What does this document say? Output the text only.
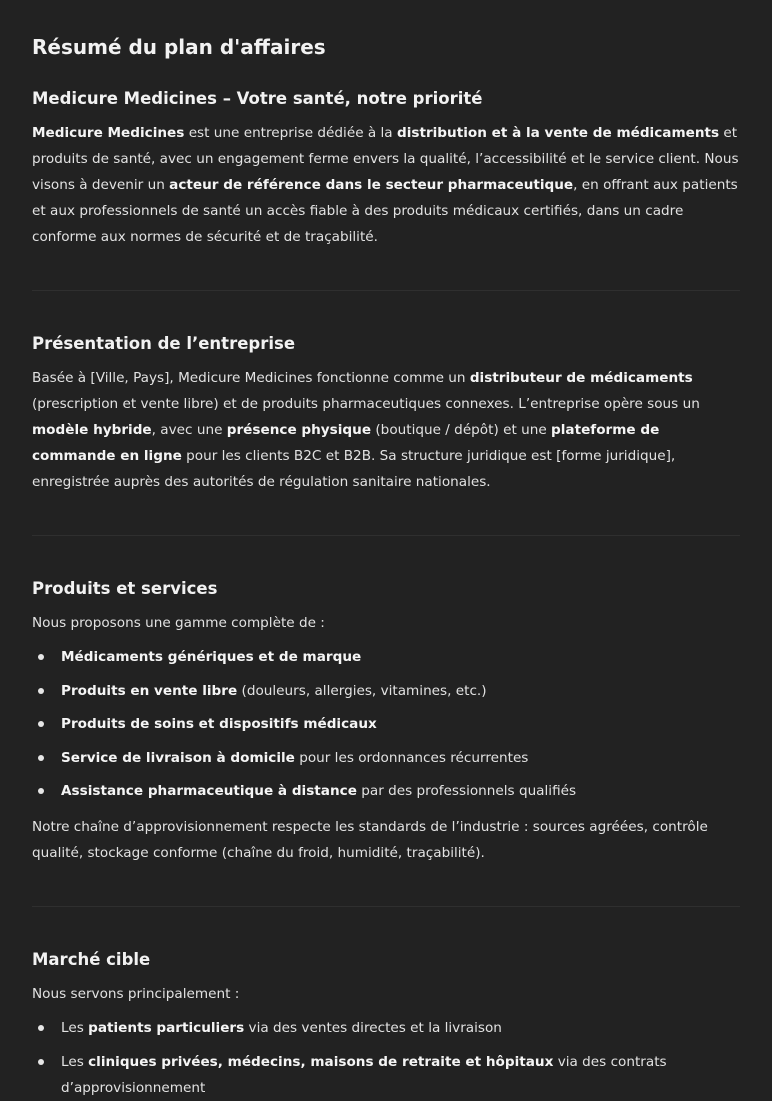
Résumé du plan d'affaires
Medicure Medicines – Votre santé, notre priorité

Medicure Medicines est une entreprise dédiée à la distribution et à la vente de médicaments et produits de santé, avec un engagement ferme envers la qualité, l’accessibilité et le service client. Nous visons à devenir un acteur de référence dans le secteur pharmaceutique, en offrant aux patients et aux professionnels de santé un accès fiable à des produits médicaux certifiés, dans un cadre conforme aux normes de sécurité et de traçabilité.

Présentation de l’entreprise

Basée à [Ville, Pays], Medicure Medicines fonctionne comme un distributeur de médicaments (prescription et vente libre) et de produits pharmaceutiques connexes. L’entreprise opère sous un modèle hybride, avec une présence physique (boutique / dépôt) et une plateforme de commande en ligne pour les clients B2C et B2B. Sa structure juridique est [forme juridique], enregistrée auprès des autorités de régulation sanitaire nationales.

Produits et services

Nous proposons une gamme complète de :

Médicaments génériques et de marque
Produits en vente libre (douleurs, allergies, vitamines, etc.)
Produits de soins et dispositifs médicaux
Service de livraison à domicile pour les ordonnances récurrentes
Assistance pharmaceutique à distance par des professionnels qualifiés

Notre chaîne d’approvisionnement respecte les standards de l’industrie : sources agréées, contrôle qualité, stockage conforme (chaîne du froid, humidité, traçabilité).

Marché cible

Nous servons principalement :

Les patients particuliers via des ventes directes et la livraison
Les cliniques privées, médecins, maisons de retraite et hôpitaux via des contrats d’approvisionnement
